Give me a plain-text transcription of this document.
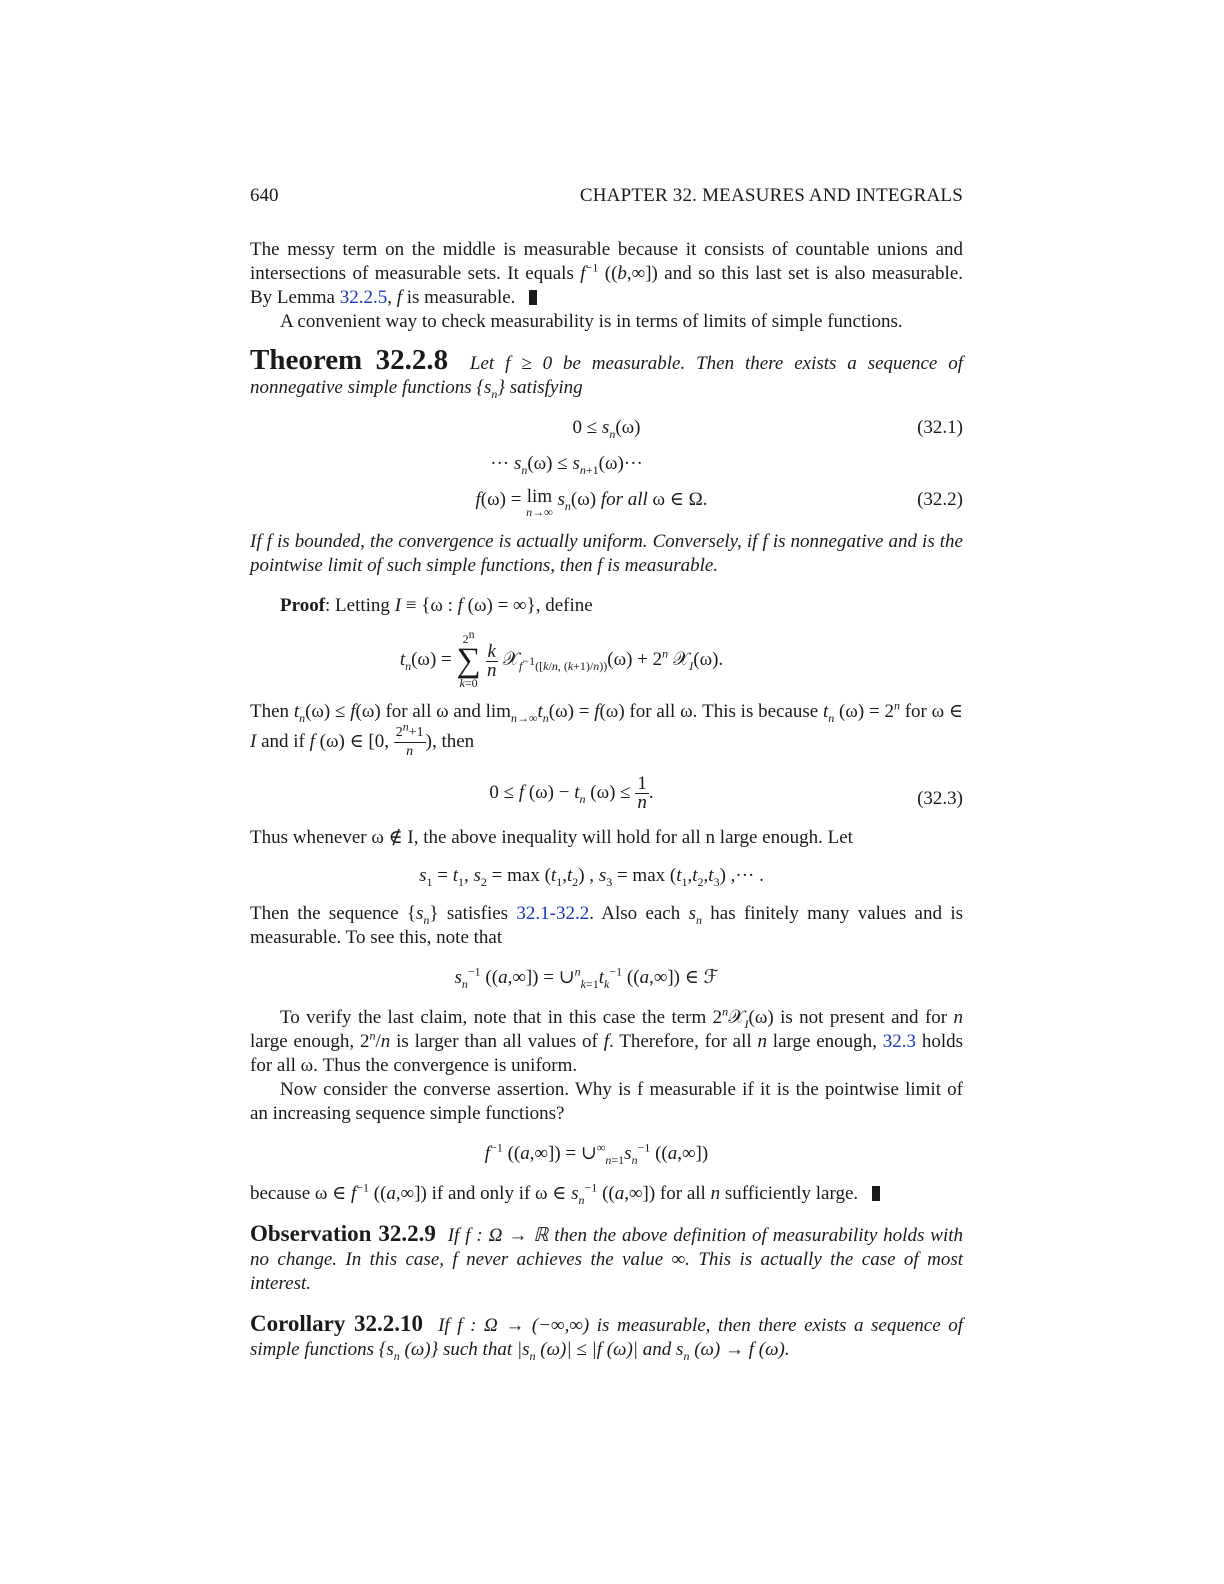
640	CHAPTER 32. MEASURES AND INTEGRALS

The messy term on the middle is measurable because it consists of countable unions and intersections of measurable sets. It equals $f^{-1}$ ((b,∞]) and so this last set is also measurable. By Lemma 32.2.5, f is measurable.

A convenient way to check measurability is in terms of limits of simple functions.

Theorem 32.2.8  Let f ≥ 0 be measurable. Then there exists a sequence of nonnegative simple functions $\{s_n\}$ satisfying

$0 \le s_n(\omega)$	(32.1)
··· $s_n(\omega) \le s_{n+1}(\omega)\cdot\cdot\cdot$
f(ω) = lim
n→∞
$s_n(\omega)$ for all ω ∈ Ω.	(32.2)

If f is bounded, the convergence is actually uniform. Conversely, if f is nonnegative and is the pointwise limit of such simple functions, then f is measurable.

Proof: Letting I ≡ {ω : f (ω) = ∞}, define

$t_n(\omega)$ =
2$^n$
∑
k=0

$\frac{k}{n}$ 𝒳$_{f^{-1}([k/n, (k+1)/n))}$(ω) + $2^n$ 𝒳$_I$(ω).

Then $t_n(\omega) \le f(\omega)$ for all ω and $\lim_{n\to\infty}t_n(\omega) = f(\omega)$ for all ω. This is because $t_n$ $(\omega) = 2^n$ for ω ∈ I and if f (ω) ∈ [0, $\frac{2^n+1}{n}$ ), then

0 ≤ f $(\omega) - t_n$ $(\omega) \le \frac{1}{n}$ .	(32.3)

Thus whenever ω ∉ I, the above inequality will hold for all n large enough. Let

$s_1 = t_1$, $s_2 = \max (t_1,t_2)$ , $s_3 = \max (t_1,t_2,t_3)$ ,··· .

Then the sequence $\{s_n\}$ satisfies 32.1-32.2. Also each $s_n$ has finitely many values and is measurable. To see this, note that

$s_n^{-1}$ $((a,\infty]) = \cup^n_{k=1}t_k^{-1}$ ((a,∞]) ∈ ℱ

To verify the last claim, note that in this case the term $2^n𝒳_I(\omega)$ is not present and for n large enough, 2$^n$/n is larger than all values of f. Therefore, for all n large enough, 32.3 holds for all ω. Thus the convergence is uniform.

Now consider the converse assertion. Why is f measurable if it is the pointwise limit of an increasing sequence simple functions?

$f^{-1}$ $((a,\infty]) = \cup^\infty_{n=1}s_n^{-1}$ ((a,∞])

because ω ∈ $f^{-1}$ ((a,∞]) if and only if ω ∈ $s_n^{-1}$ ((a,∞]) for all n sufficiently large.

Observation 32.2.9 If f : Ω → ℝ then the above definition of measurability holds with no change. In this case, f never achieves the value ∞. This is actually the case of most interest.

Corollary 32.2.10 If f : Ω → (−∞,∞) is measurable, then there exists a sequence of simple functions {$s_n$ (ω)} such that $|s_n$ (ω)| ≤ |f (ω)| and $s_n$ (ω) → f (ω).
